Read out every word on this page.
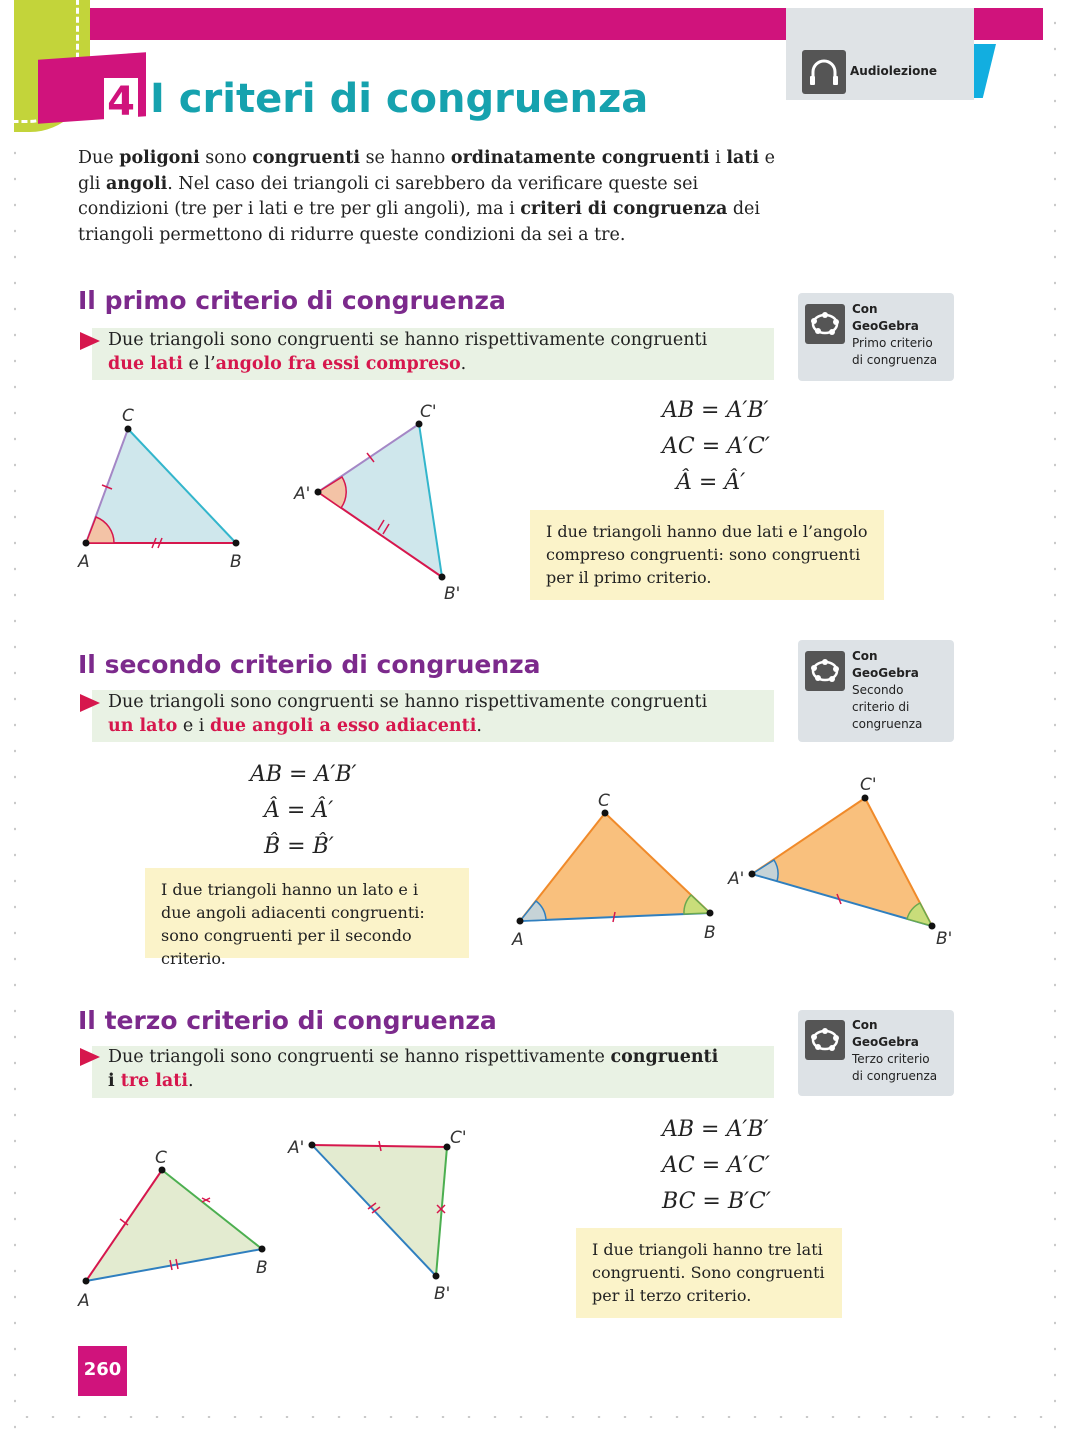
4 I criteri di congruenza
Audiolezione
Due poligoni sono congruenti se hanno ordinatamente congruenti i lati e gli angoli. Nel caso dei triangoli ci sarebbero da verificare queste sei condizioni (tre per i lati e tre per gli angoli), ma i criteri di congruenza dei triangoli permettono di ridurre queste condizioni da sei a tre.
Il primo criterio di congruenza
Due triangoli sono congruenti se hanno rispettivamente congruenti
due lati e l’angolo fra essi compreso.
Con
GeoGebra
Primo criterio
di congruenza
A	B
C
A'
B'
C'	AB = A′B′
AC = A′C′
Â = Â′
I due triangoli hanno due lati e l’angolo compreso congruenti: sono congruenti per il primo criterio.
Il secondo criterio di congruenza
Due triangoli sono congruenti se hanno rispettivamente congruenti
un lato e i due angoli a esso adiacenti.
Con
GeoGebra
Secondo
criterio di
congruenza
AB = A′B′
Â = Â′
B̂ = B̂′
I due triangoli hanno un lato e i due angoli adiacenti congruenti: sono congruenti per il secondo criterio.
A	B
C
A'
B'
C'
Il terzo criterio di congruenza
Due triangoli sono congruenti se hanno rispettivamente congruenti
i tre lati.
Con
GeoGebra
Terzo criterio
di congruenza
A
B
C	A'
B'
C'	AB = A′B′
AC = A′C′
BC = B′C′
I due triangoli hanno tre lati congruenti. Sono congruenti per il terzo criterio.
260
